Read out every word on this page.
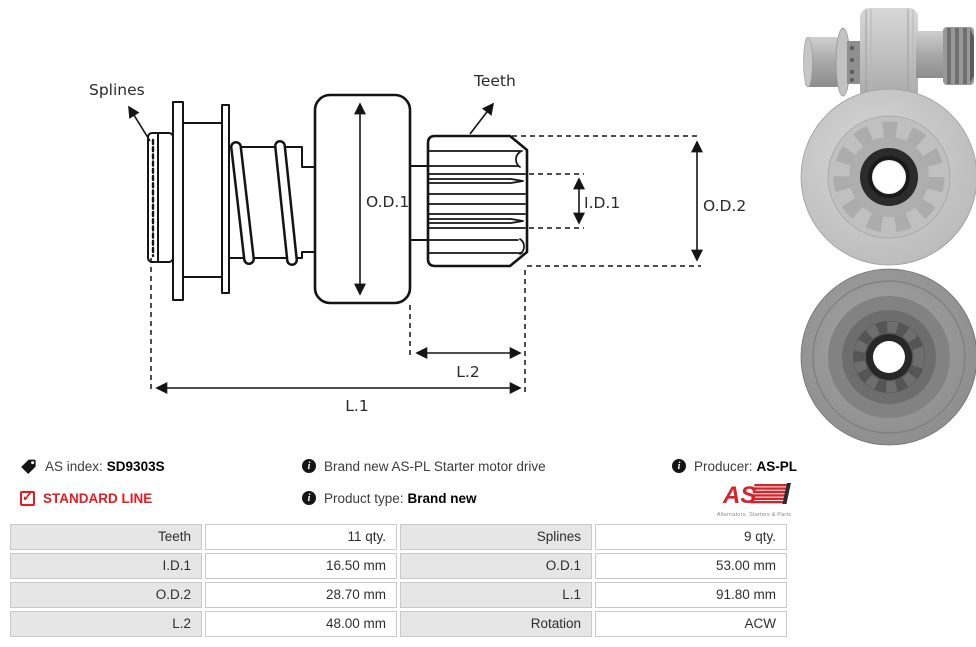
Splines	Teeth
O.D.1	I.D.1	O.D.2
L.1
L.2
AS index: SD9303S
✓
STANDARD LINE
i	Brand new AS-PL Starter motor drive
i	Product type: Brand new
i	Producer: AS-PL
AS
Alternators, Starters & Parts
Teeth	11 qty.	Splines	9 qty.
I.D.1	16.50 mm	O.D.1	53.00 mm
O.D.2	28.70 mm	L.1	91.80 mm
L.2	48.00 mm	Rotation	ACW
